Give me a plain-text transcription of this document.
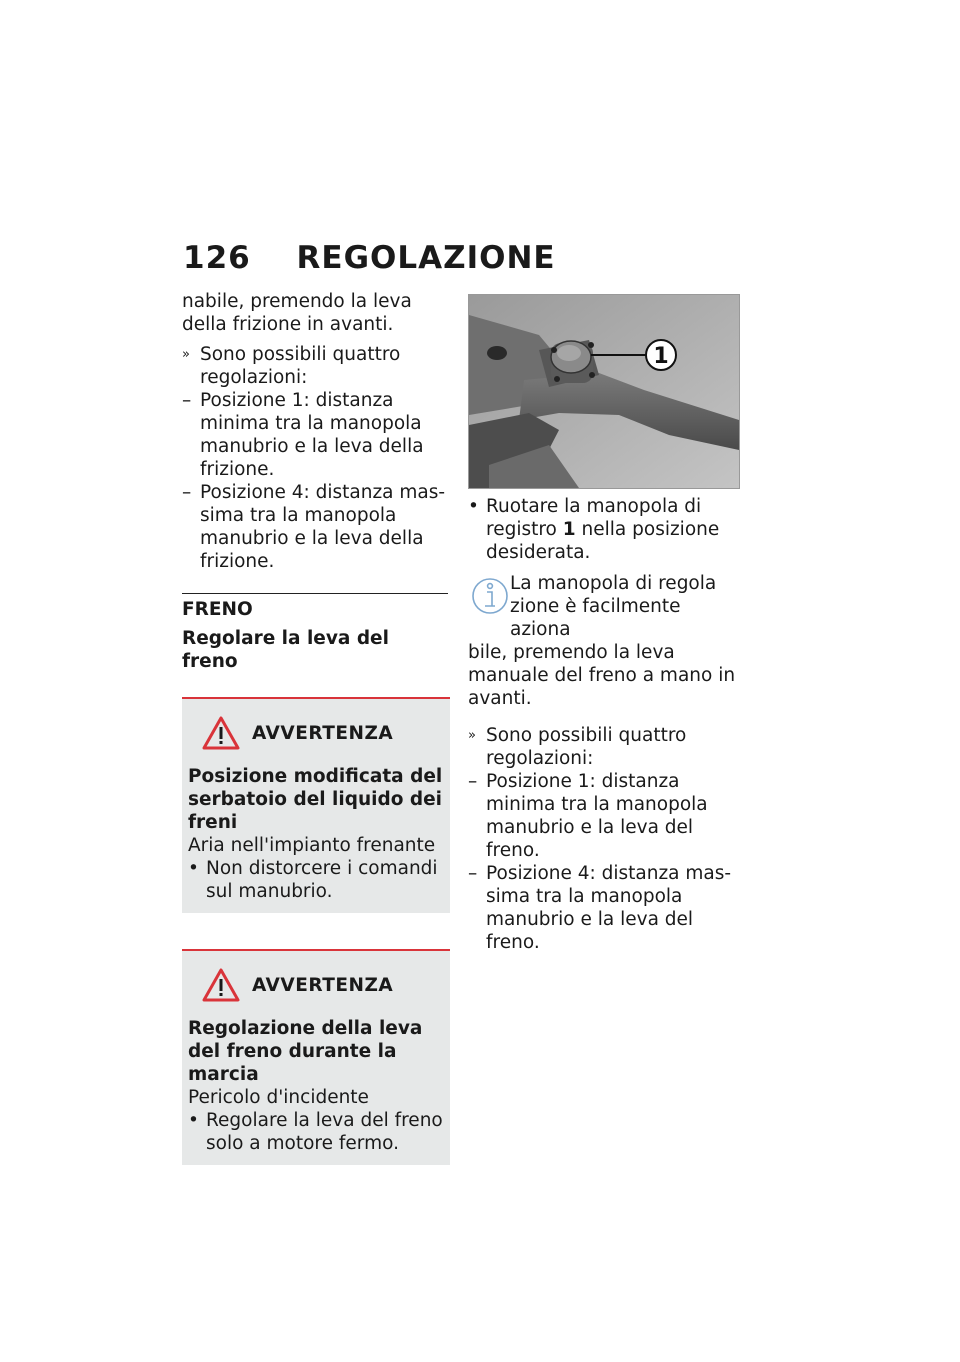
126 REGOLAZIONE

nabile, premendo la leva della frizione in avanti.

» Sono possibili quattro regolazioni:
– Posizione 1: distanza minima tra la manopola manubrio e la leva della frizione.
– Posizione 4: distanza massima tra la manopola manubrio e la leva della frizione.
FRENO
Regolare la leva del freno
AVVERTENZA
Posizione modificata del serbatoio del liquido dei freni
Aria nell'impianto frenante
• Non distorcere i comandi sul manubrio.
AVVERTENZA
Regolazione della leva del freno durante la marcia
Pericolo d'incidente
• Regolare la leva del freno solo a motore fermo.
1
• Ruotare la manopola di registro 1 nella posizione desiderata.
La manopola di regola
zione è facilmente aziona
bile, premendo la leva manuale del freno a mano in avanti.
» Sono possibili quattro regolazioni:
– Posizione 1: distanza minima tra la manopola manubrio e la leva del freno.
– Posizione 4: distanza massima tra la manopola manubrio e la leva del freno.
